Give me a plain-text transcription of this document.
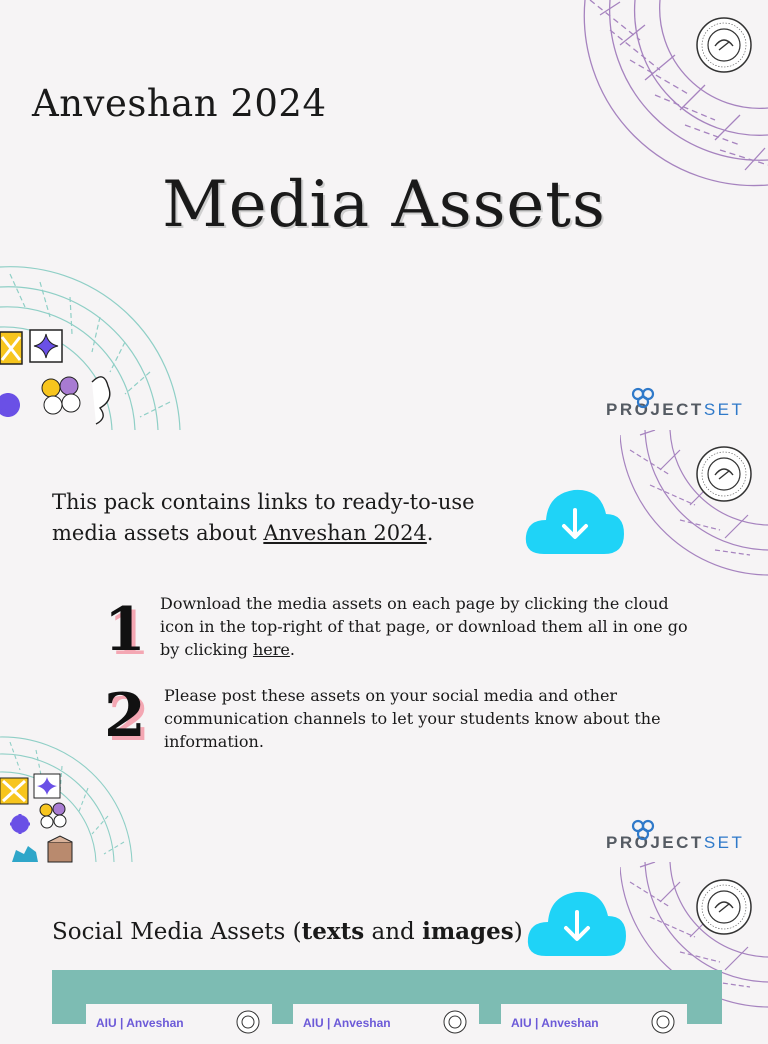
Anveshan 2024
Media Assets
PROJECTSET
This pack contains links to ready-to-use
media assets about Anveshan 2024.
1 Download the media assets on each page by clicking the cloud icon in the top-right of that page, or download them all in one go by clicking here.
2 Please post these assets on your social media and other communication channels to let your students know about the information.
PROJECTSET
Social Media Assets (texts and images)
AIU | Anveshan	AIU | Anveshan	AIU | Anveshan
